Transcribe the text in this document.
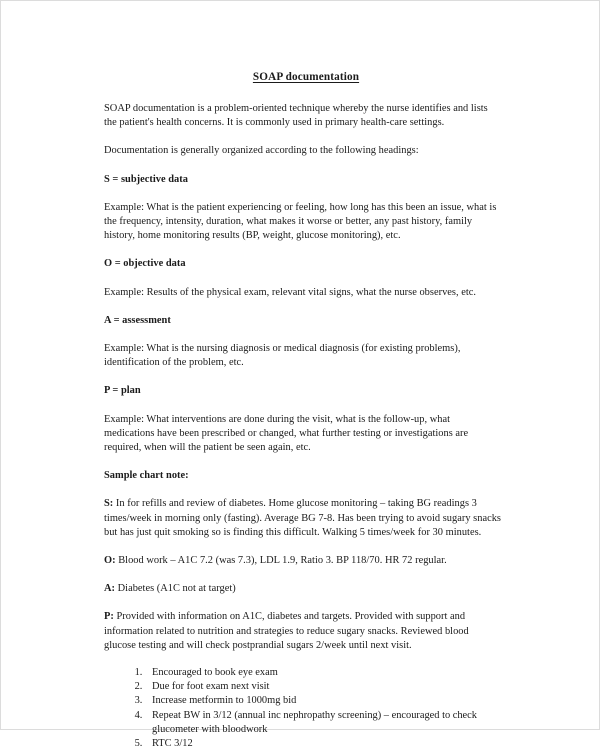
SOAP documentation

SOAP documentation is a problem-oriented technique whereby the nurse identifies and lists the patient's health concerns. It is commonly used in primary health-care settings.

Documentation is generally organized according to the following headings:

S = subjective data

Example: What is the patient experiencing or feeling, how long has this been an issue, what is the frequency, intensity, duration, what makes it worse or better, any past history, family history, home monitoring results (BP, weight, glucose monitoring), etc.

O = objective data

Example: Results of the physical exam, relevant vital signs, what the nurse observes, etc.

A = assessment

Example: What is the nursing diagnosis or medical diagnosis (for existing problems), identification of the problem, etc.

P = plan

Example: What interventions are done during the visit, what is the follow-up, what medications have been prescribed or changed, what further testing or investigations are required, when will the patient be seen again, etc.

Sample chart note:

S: In for refills and review of diabetes. Home glucose monitoring – taking BG readings 3 times/week in morning only (fasting). Average BG 7-8. Has been trying to avoid sugary snacks but has just quit smoking so is finding this difficult. Walking 5 times/week for 30 minutes.

O: Blood work – A1C 7.2 (was 7.3), LDL 1.9, Ratio 3. BP 118/70. HR 72 regular.

A: Diabetes (A1C not at target)

P: Provided with information on A1C, diabetes and targets. Provided with support and information related to nutrition and strategies to reduce sugary snacks. Reviewed blood glucose testing and will check postprandial sugars 2/week until next visit.

1. Encouraged to book eye exam
2. Due for foot exam next visit
3. Increase metformin to 1000mg bid
4. Repeat BW in 3/12 (annual inc nephropathy screening) – encouraged to check glucometer with bloodwork
5. RTC 3/12
